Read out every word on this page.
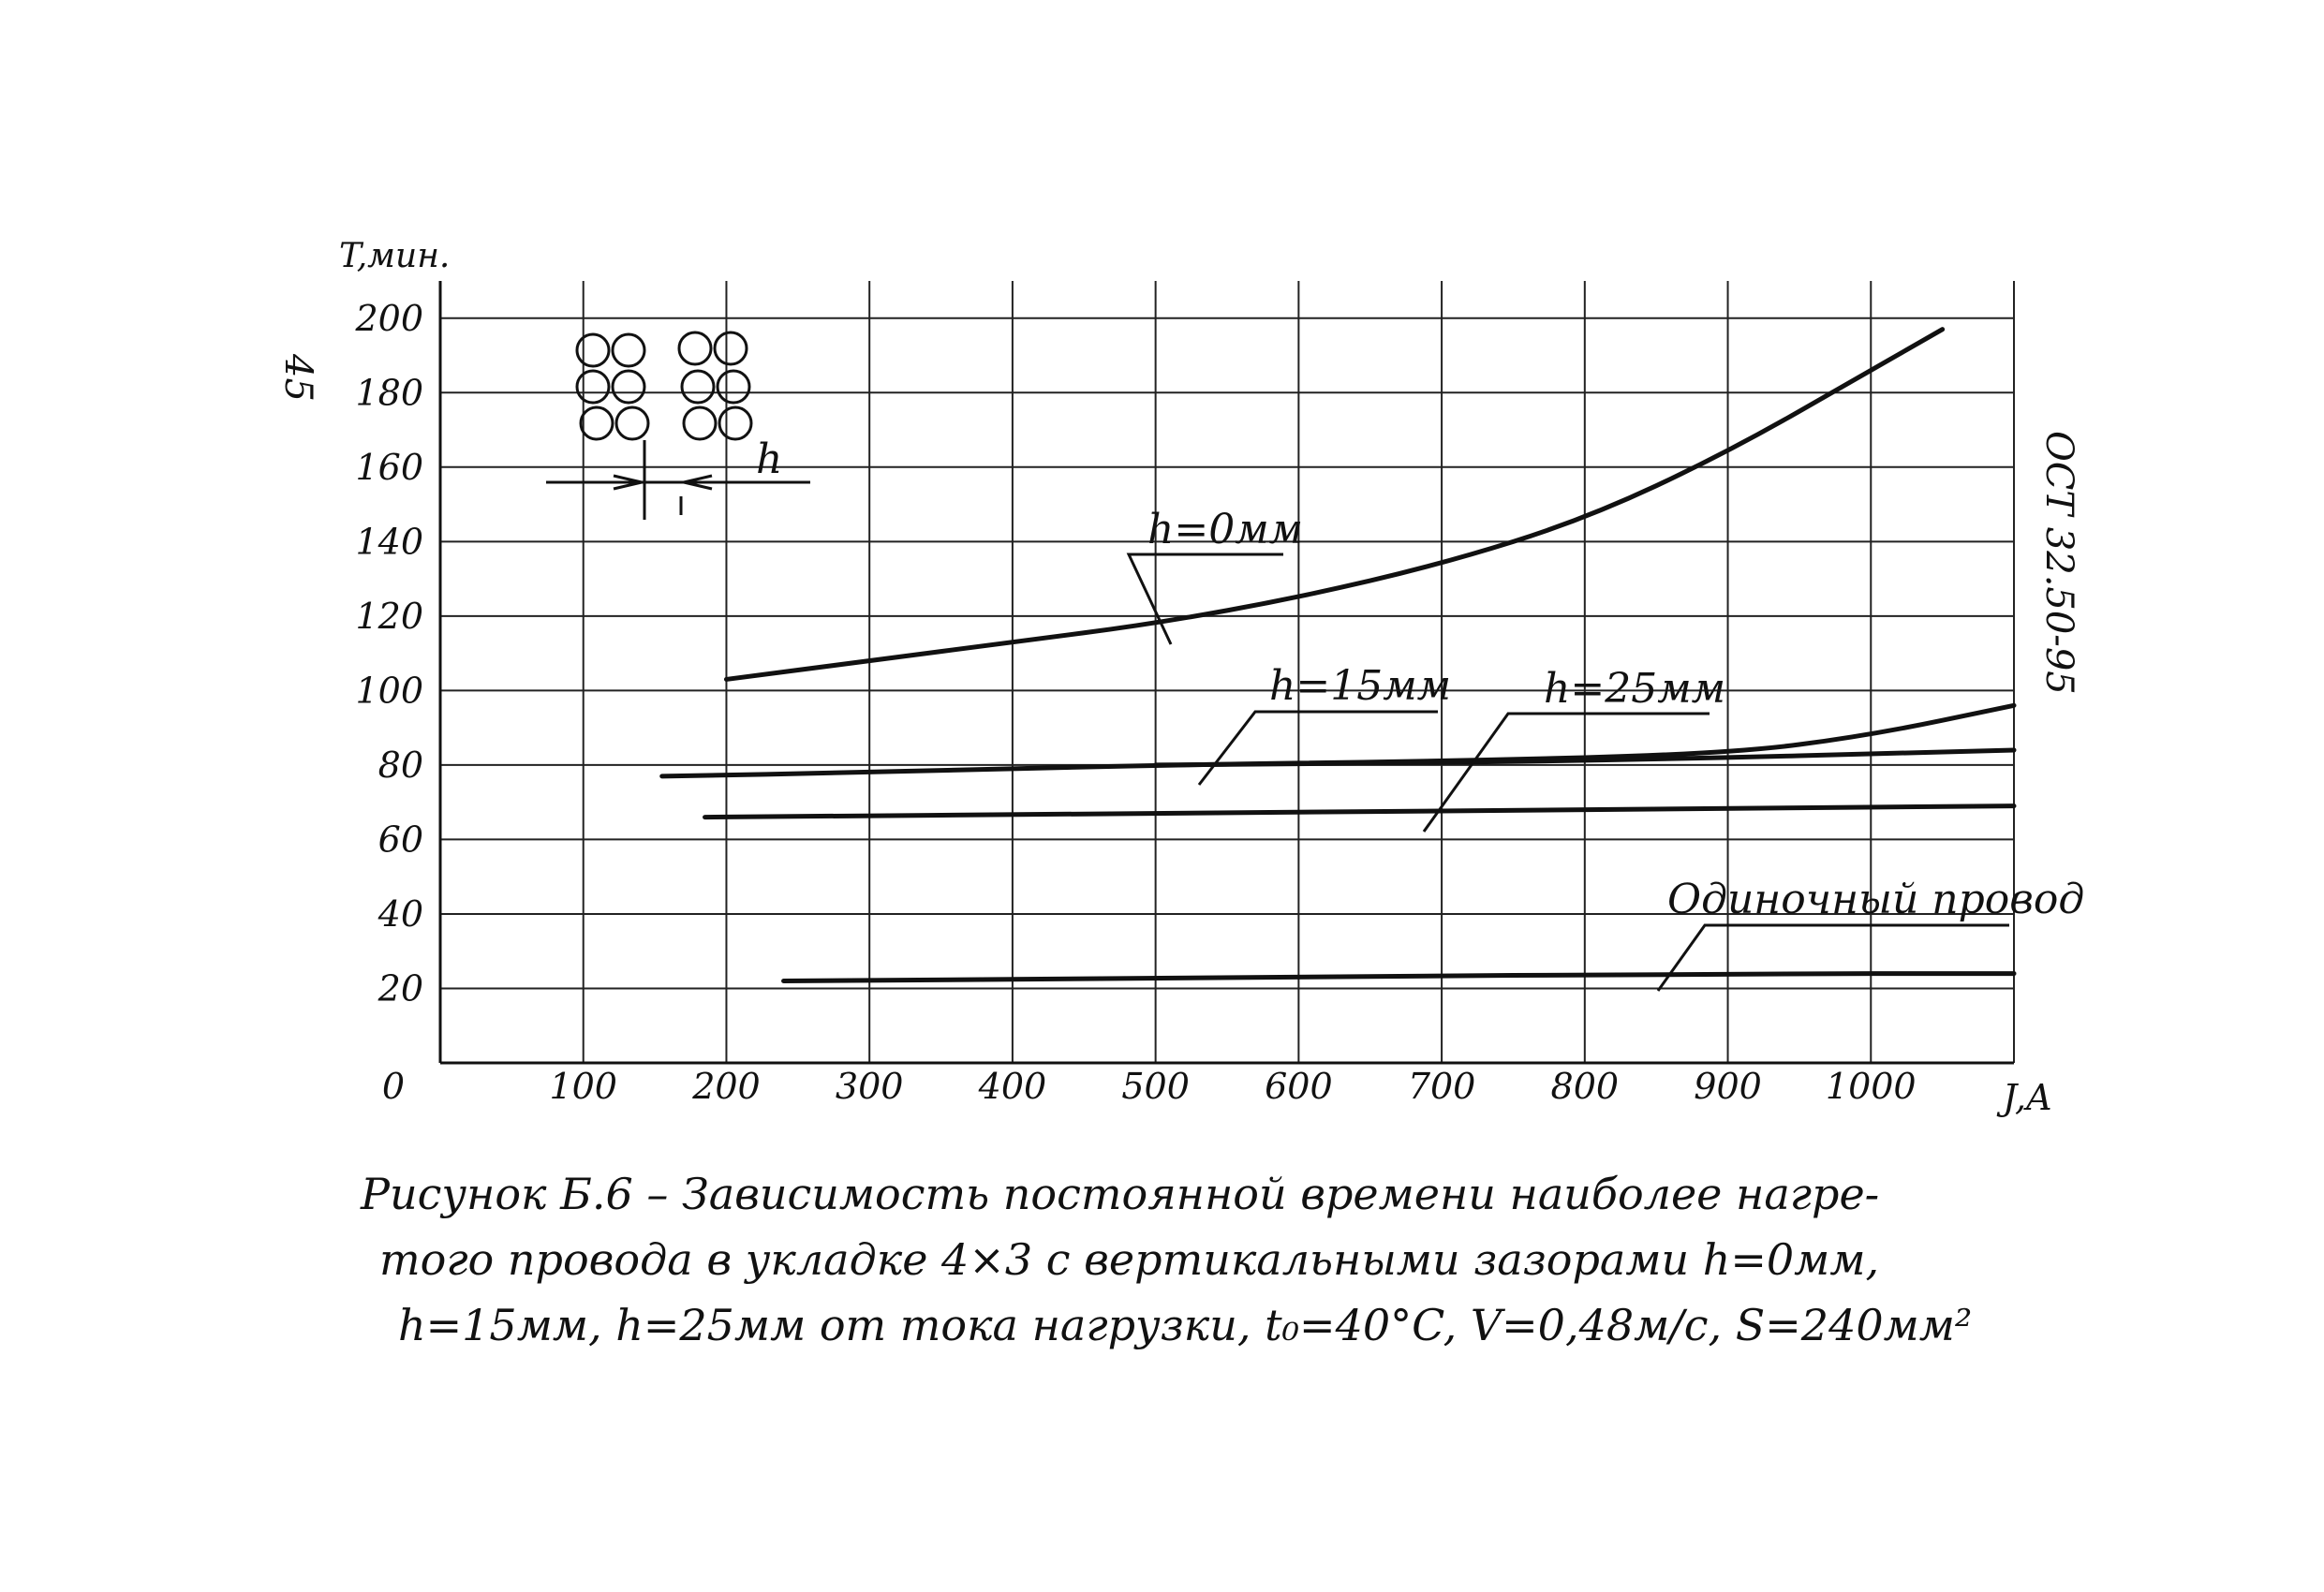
45
T,мин.
0	100 200 300 400 500 600 700 800 900 1000
20
40
60
80
100
120
140
160
180
200
J,A
h=0мм
h=15мм h=25мм
Одиночный провод
h	ОСТ 32.50-95
Рисунок Б.6 – Зависимость постоянной времени наиболее нагре-
того провода в укладке 4×3 с вертикальными зазорами h=0мм,
h=15мм, h=25мм от тока нагрузки, t₀=40°C, V=0,48м/с, S=240мм²
